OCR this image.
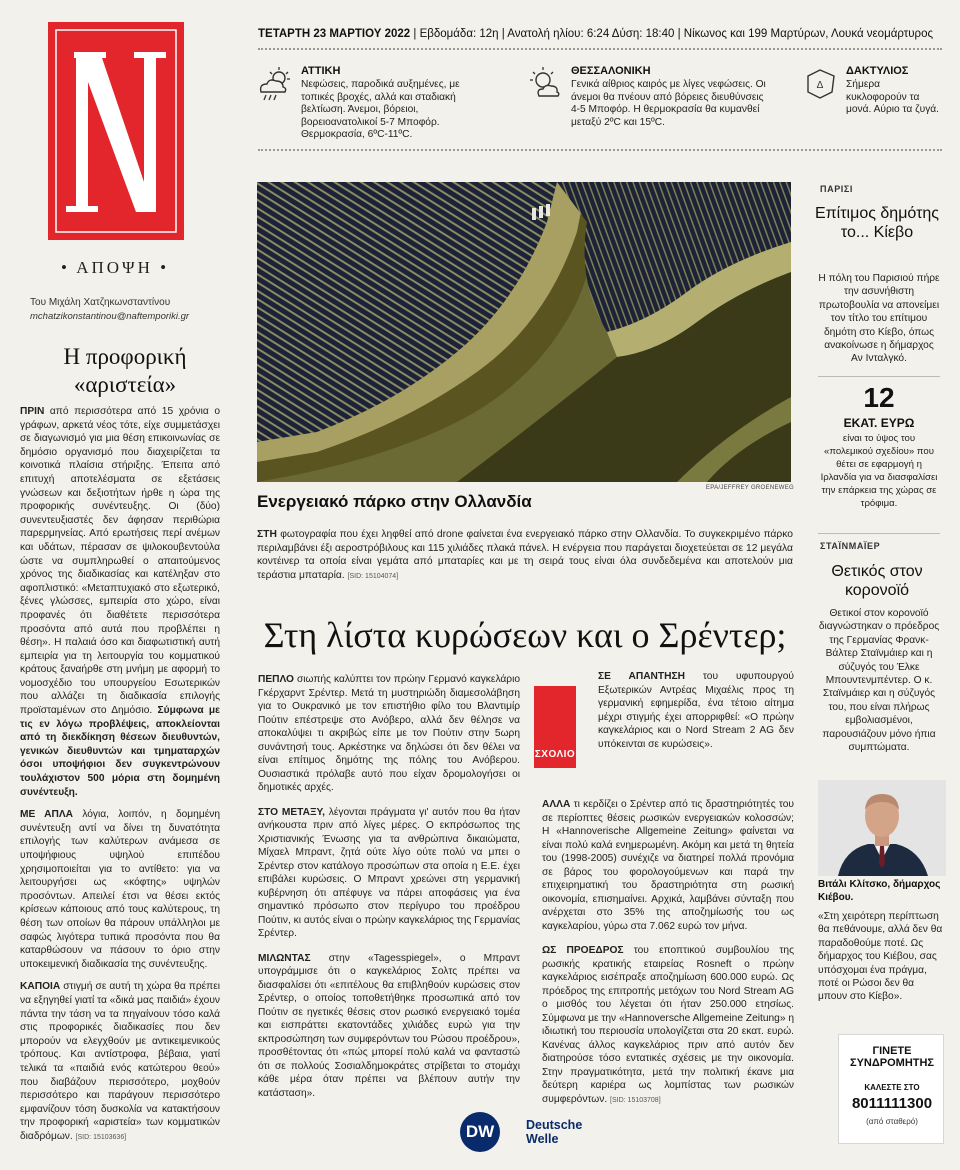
• ΑΠΟΨΗ •
Του Μιχάλη Χατζηκωνσταντίνου
mchatzikonstantinou@naftemporiki.gr
Η προφορική «αριστεία»

ΠΡΙΝ από περισσότερα από 15 χρόνια ο γράφων, αρκετά νέος τότε, είχε συμμετάσχει σε διαγωνισμό για μια θέση επικοινωνίας σε δημόσιο οργανισμό που διαχειρίζεται τα κοινοτικά πλαίσια στήριξης. Έπειτα από επιτυχή αποτελέσματα σε εξετάσεις γνώσεων και δεξιοτήτων ήρθε η ώρα της προφορικής συνέντευξης. Οι (δύο) συνεντευξιαστές δεν άφησαν περιθώρια παρερμηνείας. Από ερωτήσεις περί ανέμων και υδάτων, πέρασαν σε ψιλοκουβεντούλα ώστε να συμπληρωθεί ο απαιτούμενος χρόνος της διαδικασίας και κατέληξαν στο αφοπλιστικό: «Μεταπτυχιακό στο εξωτερικό, ξένες γλώσσες, εμπειρία στο χώρο, είναι προφανές ότι διαθέτετε περισσότερα προσόντα από αυτά που προβλέπει η θέση». Η παλαιά όσο και διαφωτιστική αυτή εμπειρία για τη λειτουργία του κομματικού κράτους ξαναήρθε στη μνήμη με αφορμή το νομοσχέδιο του υπουργείου Εσωτερικών που αλλάζει τη διαδικασία επιλογής προϊσταμένων στο Δημόσιο. Σύμφωνα με τις εν λόγω προβλέψεις, αποκλείονται από τη διεκδίκηση θέσεων διευθυντών, γενικών διευθυντών και τμηματαρχών όσοι υποψήφιοι δεν συγκεντρώνουν τουλάχιστον 500 μόρια στη δομημένη συνέντευξη.

ΜΕ ΑΠΛΑ λόγια, λοιπόν, η δομημένη συνέντευξη αντί να δίνει τη δυνατότητα επιλογής των καλύτερων ανάμεσα σε υποψήφιους υψηλού επιπέδου χρησιμοποιείται για το αντίθετο: για να λειτουργήσει ως «κόφτης» υψηλών προσόντων. Απειλεί έτσι να θέσει εκτός κρίσεων κάποιους από τους καλύτερους, τη θέση των οποίων θα πάρουν υπάλληλοι με σαφώς λιγότερα τυπικά προσόντα που θα καταρθώσουν να πάσουν το όριο στην υποκειμενική διαδικασία της συνέντευξης.

ΚΑΠΟΙΑ στιγμή σε αυτή τη χώρα θα πρέπει να εξηγηθεί γιατί τα «δικά μας παιδιά» έχουν πάντα την τάση να τα πηγαίνουν τόσο καλά στις προφορικές διαδικασίες που δεν μπορούν να ελεγχθούν με αντικειμενικούς τρόπους. Και αντίστροφα, βέβαια, γιατί τελικά τα «παιδιά ενός κατώτερου θεού» που διαβάζουν περισσότερο, μοχθούν περισσότερο και παράγουν περισσότερο εμφανίζουν τόση δυσκολία να κατακτήσουν την προφορική «αριστεία» των κομματικών διαδρόμων. [SID: 15103636]

ΤΕΤΑΡΤΗ 23 ΜΑΡΤΙΟΥ 2022 | Εβδομάδα: 12η | Ανατολή ηλίου: 6:24 Δύση: 18:40 | Νίκωνος και 199 Μαρτύρων, Λουκά νεομάρτυρος
ΑΤΤΙΚΗ
Νεφώσεις, παροδικά αυξημένες, με τοπικές βροχές, αλλά και σταδιακή βελτίωση. Άνεμοι, βόρειοι, βορειοανατολικοί 5-7 Μποφόρ. Θερμοκρασία, 6ºC-11ºC.
ΘΕΣΣΑΛΟΝΙΚΗ
Γενικά αίθριος καιρός με λίγες νεφώσεις. Οι άνεμοι θα πνέουν από βόρειες διευθύνσεις 4-5 Μποφόρ. Η θερμοκρασία θα κυμανθεί μεταξύ 2ºC και 15ºC.
Δ
ΔΑΚΤΥΛΙΟΣ
Σήμερα κυκλοφορούν τα μονά. Αύριο τα ζυγά.
EPA/JEFFREY GROENEWEG
Ενεργειακό πάρκο στην Ολλανδία
ΣΤΗ φωτογραφία που έχει ληφθεί από drone φαίνεται ένα ενεργειακό πάρκο στην Ολλανδία. Το συγκεκριμένο πάρκο περιλαμβάνει έξι αεροστρόβιλους και 115 χιλιάδες πλακά πάνελ. Η ενέργεια που παράγεται διοχετεύεται σε 12 μεγάλα κοντέινερ τα οποία είναι γεμάτα από μπαταρίες και με τη σειρά τους είναι όλα συνδεδεμένα και αποτελούν μια τεράστια μπαταρία. [SID: 15104074]
Στη λίστα κυρώσεων και ο Σρέντερ;

ΠΕΠΛΟ σιωπής καλύπτει τον πρώην Γερμανό καγκελάριο Γκέρχαρντ Σρέντερ. Μετά τη μυστηριώδη διαμεσολάβηση για το Ουκρανικό με τον επιστήθιο φίλο του Βλαντιμίρ Πούτιν επέστρεψε στο Ανόβερο, αλλά δεν θέλησε να αποκαλύψει τι ακριβώς είπε με τον Πούτιν στην 5ωρη συνάντησή τους. Αρκέστηκε να δηλώσει ότι δεν θέλει να είναι επίτιμος δημότης της πόλης του Ανόβερου. Ουσιαστικά πρόλαβε αυτό που είχαν δρομολογήσει οι δημοτικές αρχές.

ΣΤΟ ΜΕΤΑΞΥ, λέγονται πράγματα γι' αυτόν που θα ήταν ανήκουστα πριν από λίγες μέρες. Ο εκπρόσωπος της Χριστιανικής Ένωσης για τα ανθρώπινα δικαιώματα, Μίχαελ Μπραντ, ζητά ούτε λίγο ούτε πολύ να μπει ο Σρέντερ στον κατάλογο προσώπων στα οποία η Ε.Ε. έχει επιβάλει κυρώσεις. Ο Μπραντ χρεώνει στη γερμανική κυβέρνηση ότι απέφυγε να πάρει αποφάσεις για ένα σημαντικό πρόσωπο στον περίγυρο του προέδρου Πούτιν, κι αυτός είναι ο πρώην καγκελάριος της Γερμανίας Σρέντερ.

ΜΙΛΩΝΤΑΣ στην «Tagesspiegel», ο Μπραντ υπογράμμισε ότι ο καγκελάριος Σολτς πρέπει να διασφαλίσει ότι «επιτέλους θα επιβληθούν κυρώσεις στον Σρέντερ, ο οποίος τοποθετήθηκε προσωπικά από τον Πούτιν σε ηγετικές θέσεις στον ρωσικό ενεργειακό τομέα και εισπράττει εκατοντάδες χιλιάδες ευρώ για την εκπροσώπηση των συμφερόντων του Ρώσου προέδρου», προσθέτοντας ότι «πώς μπορεί πολύ καλά να φανταστώ ότι σε πολλούς Σοσιαλδημοκράτες στρίβεται το στομάχι κάθε μέρα όταν πρέπει να βλέπουν αυτήν την κατάσταση».

ΣΧΟΛΙΟ

ΣΕ ΑΠΑΝΤΗΣΗ του υφυπουργού Εξωτερικών Αντρέας Μιχαέλις προς τη γερμανική εφημερίδα, ένα τέτοιο αίτημα μέχρι στιγμής έχει απορριφθεί: «Ο πρώην καγκελάριος και ο Nord Stream 2 AG δεν υπόκεινται σε κυρώσεις».

ΑΛΛΑ τι κερδίζει ο Σρέντερ από τις δραστηριότητές του σε περίοπτες θέσεις ρωσικών ενεργειακών κολοσσών; Η «Hannoverische Allgemeine Zeitung» φαίνεται να είναι πολύ καλά ενημερωμένη. Ακόμη και μετά τη θητεία του (1998-2005) συνέχιζε να διατηρεί πολλά προνόμια σε βάρος του φορολογούμενων και παρά την επιχειρηματική του δραστηριότητα στη ρωσική οικονομία, επισημαίνει. Αρχικά, λαμβάνει σύνταξη που ανέρχεται στο 35% της αποζημίωσής του ως καγκελαρίου, γύρω στα 7.062 ευρώ τον μήνα.

ΩΣ ΠΡΟΕΔΡΟΣ του εποπτικού συμβουλίου της ρωσικής κρατικής εταιρείας Rosneft ο πρώην καγκελάριος εισέπραξε αποζημίωση 600.000 ευρώ. Ως πρόεδρος της επιτροπής μετόχων του Nord Stream AG ο μισθός του λέγεται ότι ήταν 250.000 ετησίως. Σύμφωνα με την «Hannoversche Allgemeine Zeitung» η ιδιωτική του περιουσία υπολογίζεται στα 20 εκατ. ευρώ. Κανένας άλλος καγκελάριος πριν από αυτόν δεν διατηρούσε τόσο εντατικές σχέσεις με την οικονομία. Στην πραγματικότητα, μετά την πολιτική έκανε μια δεύτερη καριέρα ως λομπίστας των ρωσικών συμφερόντων. [SID: 15103708]

DW	Deutsche Welle
ΠΑΡΙΣΙ
Επίτιμος δημότης το... Κίεβο
Η πόλη του Παρισιού πήρε την ασυνήθιστη πρωτοβουλία να απονείμει τον τίτλο του επίτιμου δημότη στο Κίεβο, όπως ανακοίνωσε η δήμαρχος Αν Ινταλγκό.
12
ΕΚΑΤ. ΕΥΡΩ
είναι το ύψος του «πολεμικού σχεδίου» που θέτει σε εφαρμογή η Ιρλανδία για να διασφαλίσει την επάρκεια της χώρας σε τρόφιμα.
ΣΤΑΪΝΜΑΪΕΡ
Θετικός στον κορονοϊό
Θετικοί στον κορονοϊό διαγνώστηκαν ο πρόεδρος της Γερμανίας Φρανκ-Βάλτερ Σταϊνμάιερ και η σύζυγός του Έλκε Μπουντενμπέντερ. Ο κ. Σταϊνμάιερ και η σύζυγός του, που είναι πλήρως εμβολιασμένοι, παρουσιάζουν μόνο ήπια συμπτώματα.
Βιτάλι Κλίτσκο, δήμαρχος Κιέβου.
«Στη χειρότερη περίπτωση θα πεθάνουμε, αλλά δεν θα παραδοθούμε ποτέ. Ως δήμαρχος του Κιέβου, σας υπόσχομαι ένα πράγμα, ποτέ οι Ρώσοι δεν θα μπουν στο Κίεβο».
ΓΙΝΕΤΕ ΣΥΝΔΡΟΜΗΤΗΣ
ΚΑΛΕΣΤΕ ΣΤΟ
8011111300
(από σταθερό)
